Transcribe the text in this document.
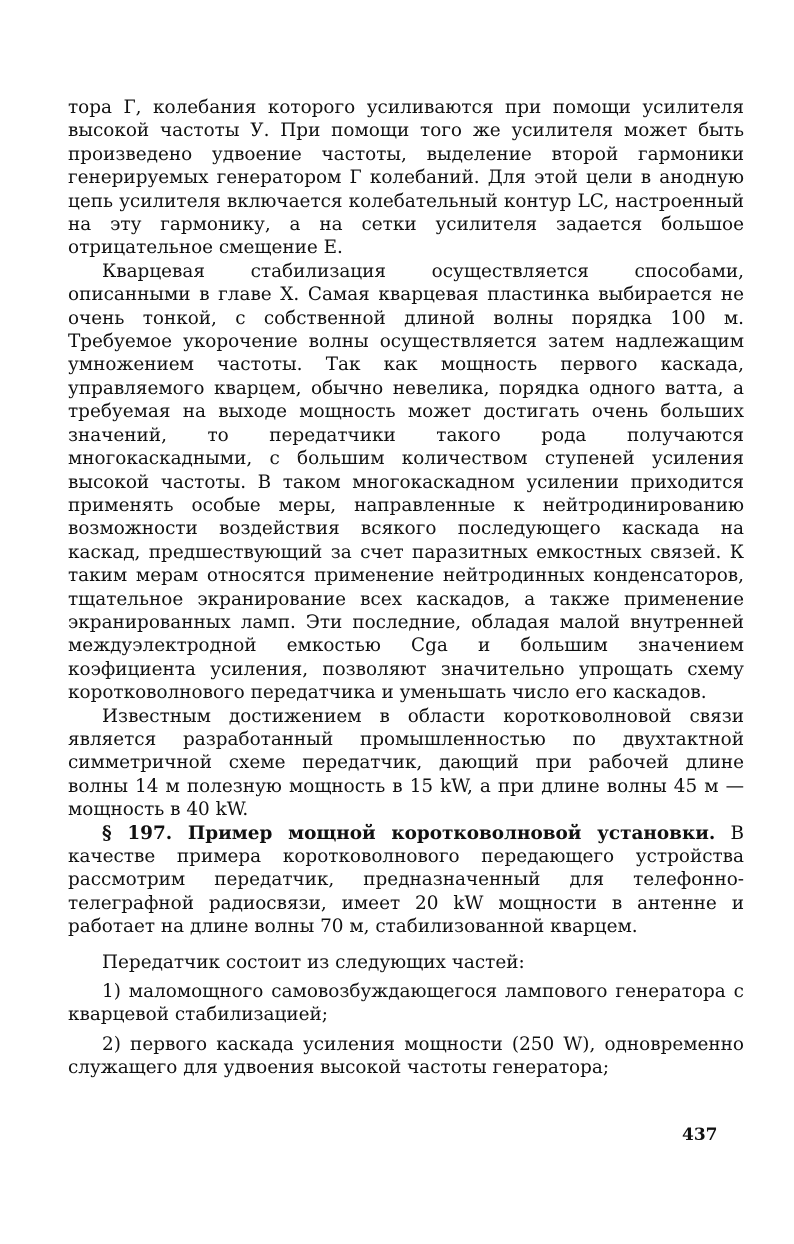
тора Г, колебания которого усиливаются при помощи усилителя высокой частоты У. При помощи того же усилителя может быть произведено удвоение частоты, выделение второй гармоники генерируемых генератором Г колебаний. Для этой цели в анодную цепь усилителя включается колебательный контур LC, настроенный на эту гармонику, а на сетки усилителя задается большое отрицательное смещение E.

Кварцевая стабилизация осуществляется способами, описанными в главе X. Самая кварцевая пластинка выбирается не очень тонкой, с собственной длиной волны порядка 100 м. Требуемое укорочение волны осуществляется затем надлежащим умножением частоты. Так как мощность первого каскада, управляемого кварцем, обычно невелика, порядка одного ватта, а требуемая на выходе мощность может достигать очень больших значений, то передатчики такого рода получаются многокаскадными, с большим количеством ступеней усиления высокой частоты. В таком многокаскадном усилении приходится применять особые меры, направленные к нейтродинированию возможности воздействия всякого последующего каскада на каскад, предшествующий за счет паразитных емкостных связей. К таким мерам относятся применение нейтродинных конденсаторов, тщательное экранирование всех каскадов, а также применение экранированных ламп. Эти последние, обладая малой внутренней междуэлектродной емкостью Cga и большим значением коэфициента усиления, позволяют значительно упрощать схему коротковолнового передатчика и уменьшать число его каскадов.

Известным достижением в области коротковолновой связи является разработанный промышленностью по двухтактной симметричной схеме передатчик, дающий при рабочей длине волны 14 м полезную мощность в 15 kW, а при длине волны 45 м — мощность в 40 kW.

§ 197. Пример мощной коротковолновой установки. В качестве примера коротковолнового передающего устройства рассмотрим передатчик, предназначенный для телефонно-телеграфной радиосвязи, имеет 20 kW мощности в антенне и работает на длине волны 70 м, стабилизованной кварцем.

Передатчик состоит из следующих частей:

1) маломощного самовозбуждающегося лампового генератора с кварцевой стабилизацией;

2) первого каскада усиления мощности (250 W), одновременно служащего для удвоения высокой частоты генератора;

437
